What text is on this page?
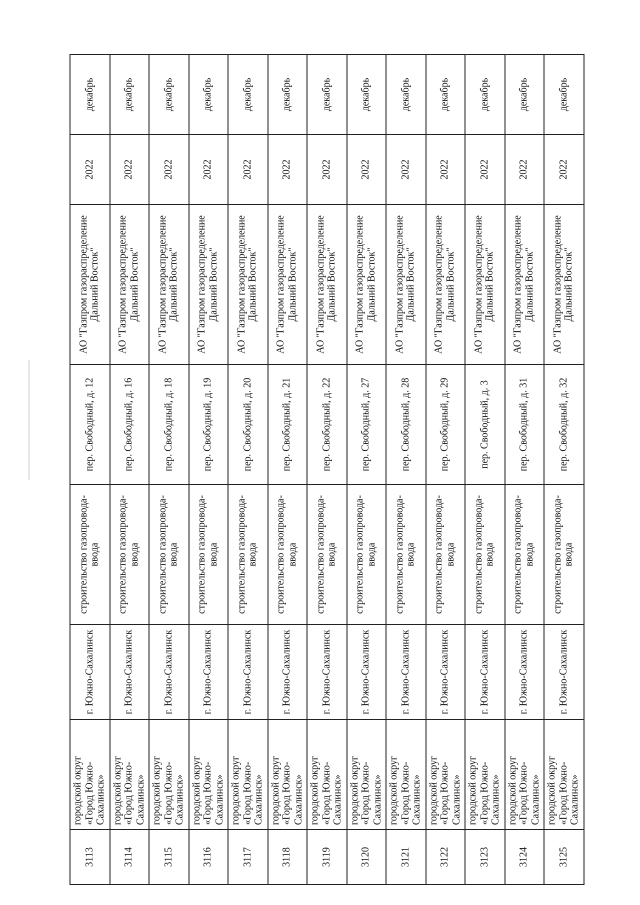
3113	городской округ «Город Южно-Сахалинск»	г. Южно-Сахалинск	строительство газопровода-ввода	пер. Свободный, д. 12	АО "Газпром газораспределение Дальний Восток"	2022	декабрь
3114	городской округ «Город Южно-Сахалинск»	г. Южно-Сахалинск	строительство газопровода-ввода	пер. Свободный, д. 16	АО "Газпром газораспределение Дальний Восток"	2022	декабрь
3115	городской округ «Город Южно-Сахалинск»	г. Южно-Сахалинск	строительство газопровода-ввода	пер. Свободный, д. 18	АО "Газпром газораспределение Дальний Восток"	2022	декабрь
3116	городской округ «Город Южно-Сахалинск»	г. Южно-Сахалинск	строительство газопровода-ввода	пер. Свободный, д. 19	АО "Газпром газораспределение Дальний Восток"	2022	декабрь
3117	городской округ «Город Южно-Сахалинск»	г. Южно-Сахалинск	строительство газопровода-ввода	пер. Свободный, д. 20	АО "Газпром газораспределение Дальний Восток"	2022	декабрь
3118	городской округ «Город Южно-Сахалинск»	г. Южно-Сахалинск	строительство газопровода-ввода	пер. Свободный, д. 21	АО "Газпром газораспределение Дальний Восток"	2022	декабрь
3119	городской округ «Город Южно-Сахалинск»	г. Южно-Сахалинск	строительство газопровода-ввода	пер. Свободный, д. 22	АО "Газпром газораспределение Дальний Восток"	2022	декабрь
3120	городской округ «Город Южно-Сахалинск»	г. Южно-Сахалинск	строительство газопровода-ввода	пер. Свободный, д. 27	АО "Газпром газораспределение Дальний Восток"	2022	декабрь
3121	городской округ «Город Южно-Сахалинск»	г. Южно-Сахалинск	строительство газопровода-ввода	пер. Свободный, д. 28	АО "Газпром газораспределение Дальний Восток"	2022	декабрь
3122	городской округ «Город Южно-Сахалинск»	г. Южно-Сахалинск	строительство газопровода-ввода	пер. Свободный, д. 29	АО "Газпром газораспределение Дальний Восток"	2022	декабрь
3123	городской округ «Город Южно-Сахалинск»	г. Южно-Сахалинск	строительство газопровода-ввода	пер. Свободный, д. 3	АО "Газпром газораспределение Дальний Восток"	2022	декабрь
3124	городской округ «Город Южно-Сахалинск»	г. Южно-Сахалинск	строительство газопровода-ввода	пер. Свободный, д. 31	АО "Газпром газораспределение Дальний Восток"	2022	декабрь
3125	городской округ «Город Южно-Сахалинск»	г. Южно-Сахалинск	строительство газопровода-ввода	пер. Свободный, д. 32	АО "Газпром газораспределение Дальний Восток"	2022	декабрь
